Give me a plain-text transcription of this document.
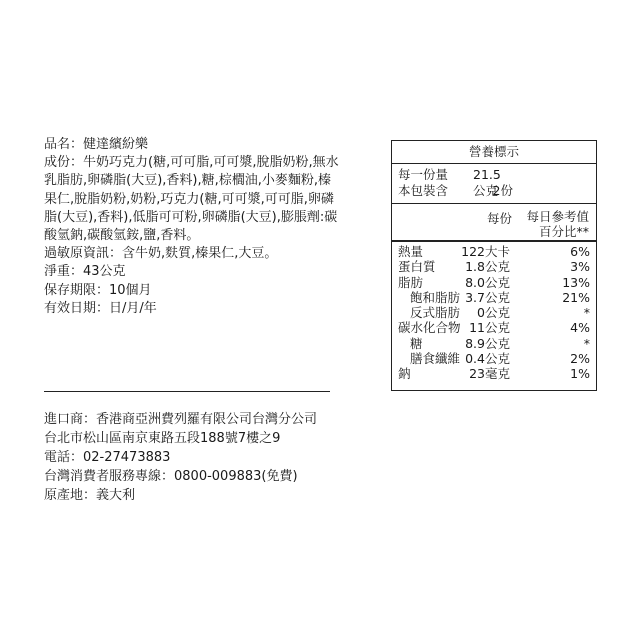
品名：健達繽紛樂
成份：牛奶巧克力(糖,可可脂,可可漿,脫脂奶粉,無水乳脂肪,卵磷脂(大豆),香料),糖,棕櫚油,小麥麵粉,榛果仁,脫脂奶粉,奶粉,巧克力(糖,可可漿,可可脂,卵磷脂(大豆),香料),低脂可可粉,卵磷脂(大豆),膨脹劑:碳酸氫鈉,碳酸氫銨,鹽,香料。
過敏原資訊：含牛奶,麩質,榛果仁,大豆。
淨重：43公克
保存期限：10個月
有效日期：日/月/年
進口商：香港商亞洲費列羅有限公司台灣分公司
台北市松山區南京東路五段188號7樓之9
電話：02-27473883
台灣消費者服務專線：0800-009883(免費)
原產地：義大利
營養標示
每一份量 21.5公克
本包裝含	2份
每份 每日參考值
百分比**
熱量	122大卡	6%
蛋白質 1.8公克	3%
脂肪	8.0公克	13%
飽和脂肪 3.7公克	21%
反式脂肪 0公克	*
碳水化合物 11公克	4%
糖	8.9公克	*
膳食纖維 0.4公克	2%
鈉	23毫克	1%
